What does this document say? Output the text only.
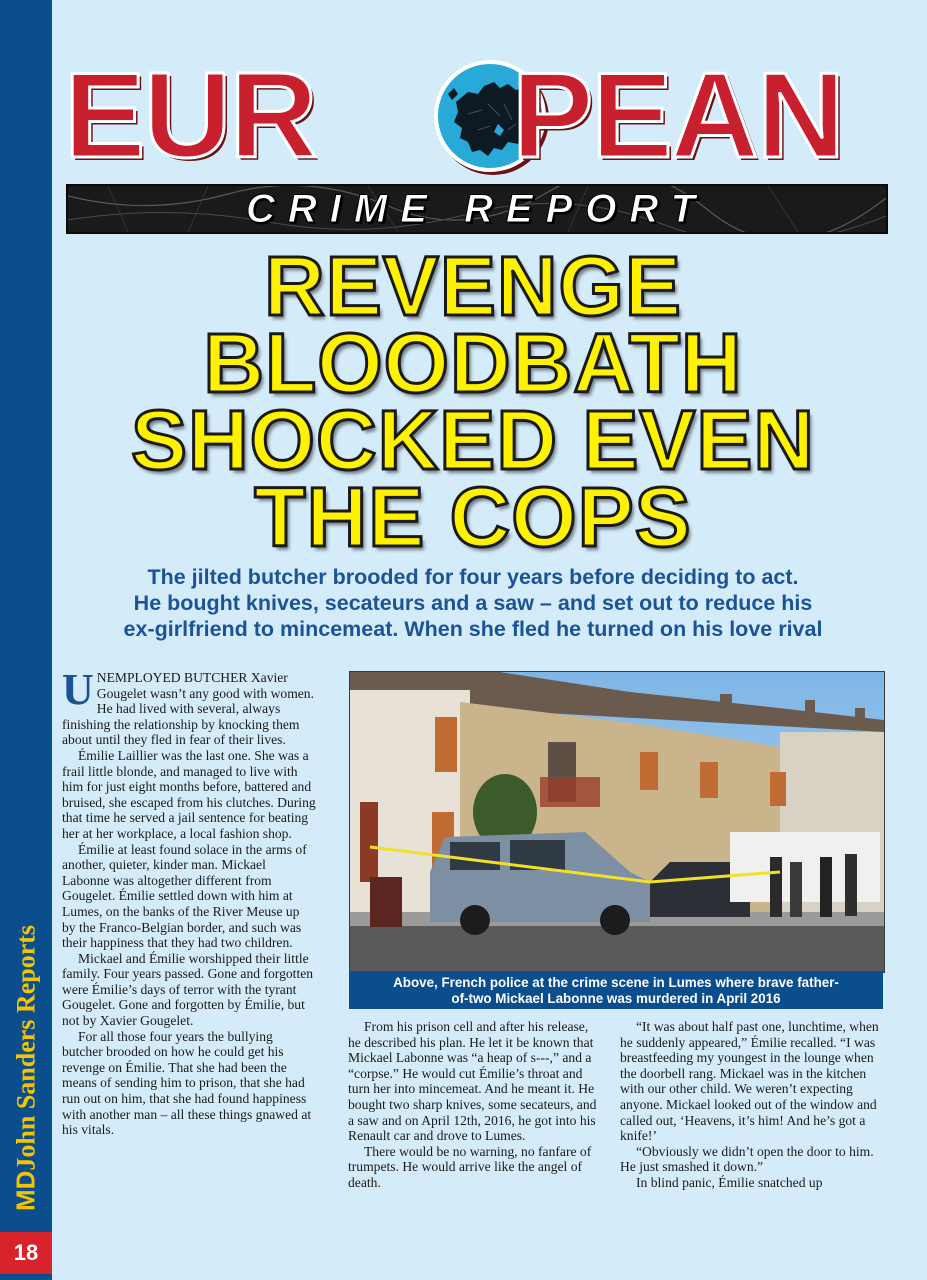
MDJohn Sanders Reports
18
EUR PEAN
CRIME REPORT
REVENGE
BLOODBATH
SHOCKED EVEN
THE COPS
The jilted butcher brooded for four years before deciding to act.
He bought knives, secateurs and a saw – and set out to reduce his
ex-girlfriend to mincemeat. When she fled he turned on his love rival
U NEMPLOYED BUTCHER Xavier Gougelet wasn’t any good with women. He had lived with several, always finishing the relationship by knocking them about until they fled in fear of their lives.

Émilie Laillier was the last one. She was a frail little blonde, and managed to live with him for just eight months before, battered and bruised, she escaped from his clutches. During that time he served a jail sentence for beating her at her workplace, a local fashion shop.

Émilie at least found solace in the arms of another, quieter, kinder man. Mickael Labonne was altogether different from Gougelet. Émilie settled down with him at Lumes, on the banks of the River Meuse up by the Franco-Belgian border, and such was their happiness that they had two children.

Mickael and Émilie worshipped their little family. Four years passed. Gone and forgotten were Émilie’s days of terror with the tyrant Gougelet. Gone and forgotten by Émilie, but not by Xavier Gougelet.

For all those four years the bullying butcher brooded on how he could get his revenge on Émilie. That she had been the means of sending him to prison, that she had run out on him, that she had found happiness with another man – all these things gnawed at his vitals.

Above, French police at the crime scene in Lumes where brave father-
of-two Mickael Labonne was murdered in April 2016

From his prison cell and after his release, he described his plan. He let it be known that Mickael Labonne was “a heap of s---,” and a “corpse.” He would cut Émilie’s throat and turn her into mincemeat. And he meant it. He bought two sharp knives, some secateurs, and a saw and on April 12th, 2016, he got into his Renault car and drove to Lumes.

There would be no warning, no fanfare of trumpets. He would arrive like the angel of death.

“It was about half past one, lunchtime, when he suddenly appeared,” Émilie recalled. “I was breastfeeding my youngest in the lounge when the doorbell rang. Mickael was in the kitchen with our other child. We weren’t expecting anyone. Mickael looked out of the window and called out, ‘Heavens, it’s him! And he’s got a knife!’

“Obviously we didn’t open the door to him. He just smashed it down.”

In blind panic, Émilie snatched up
